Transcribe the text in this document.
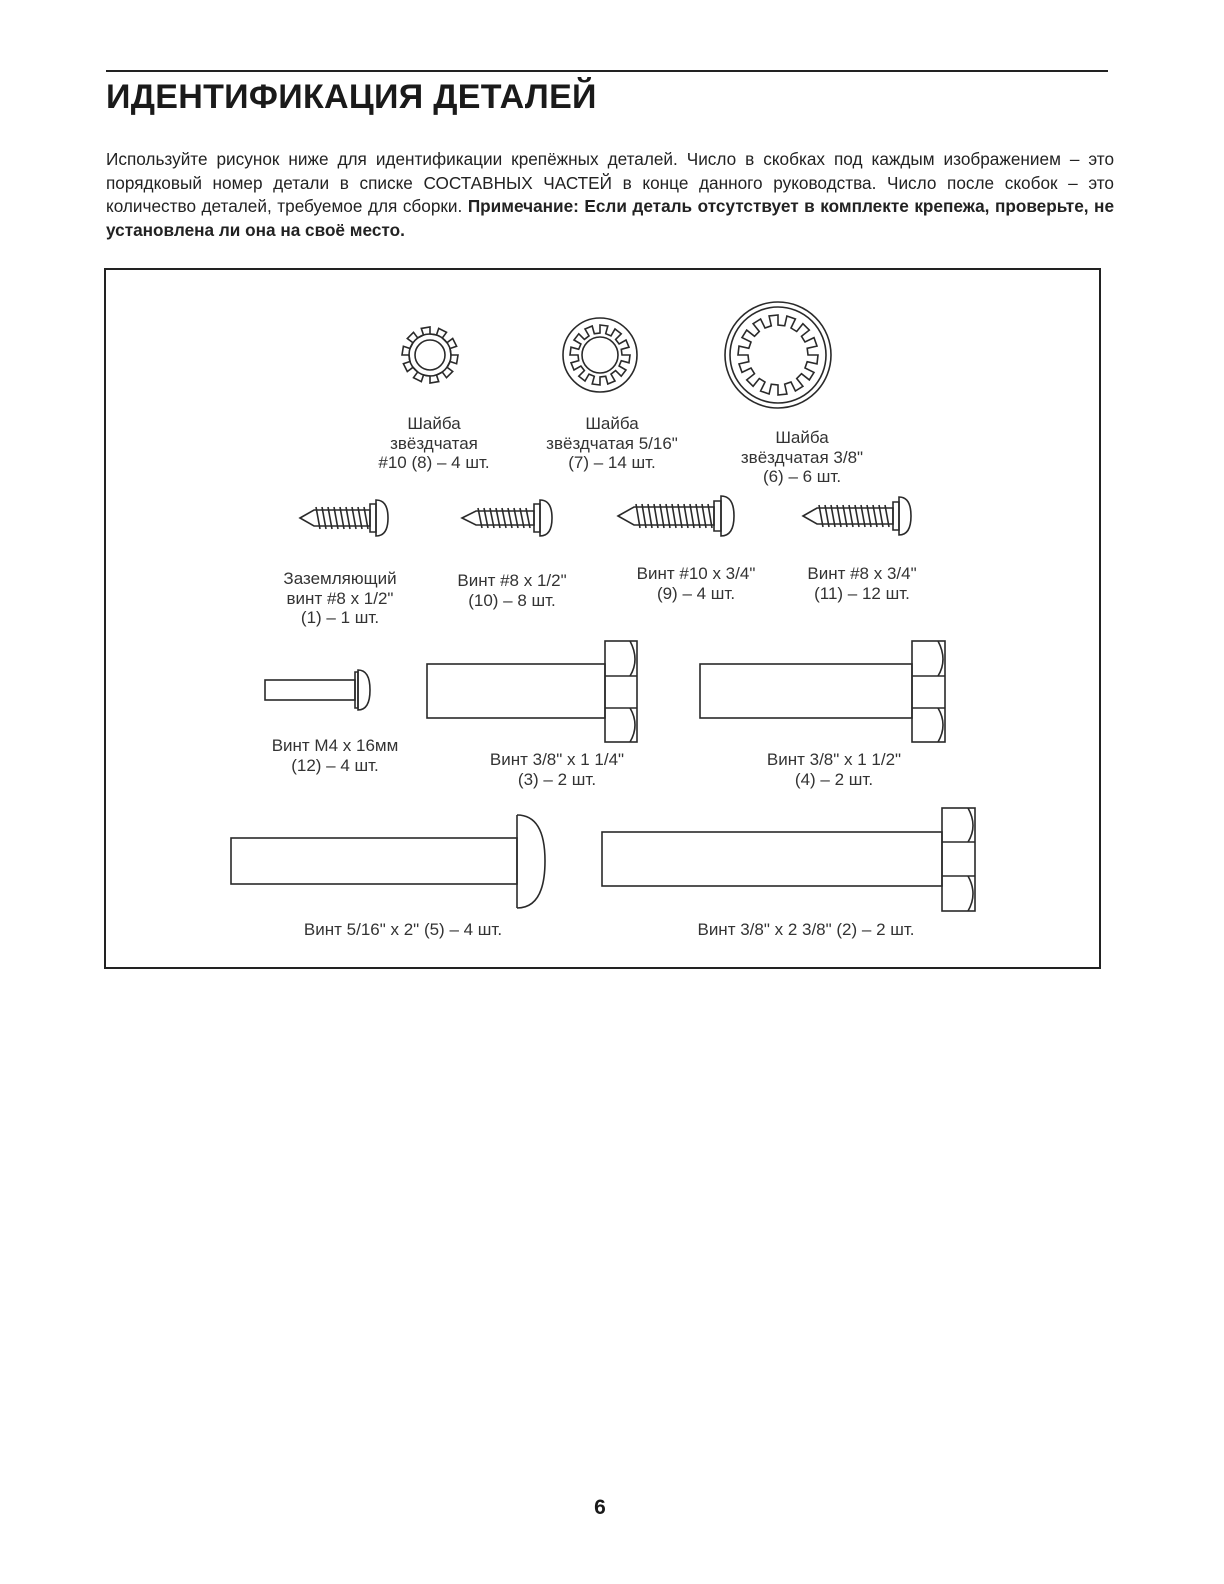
ИДЕНТИФИКАЦИЯ ДЕТАЛЕЙ

Используйте рисунок ниже для идентификации крепёжных деталей. Число в скобках под каждым изображением – это порядковый номер детали в списке СОСТАВНЫХ ЧАСТЕЙ в конце данного руководства. Число после скобок – это количество деталей, требуемое для сборки. Примечание: Если деталь отсутствует в комплекте крепежа, проверьте, не установлена ли она на своё место.

Шайба
звёздчатая
#10 (8) – 4 шт.
Шайба
звёздчатая 5/16"
(7) – 14 шт.
Шайба
звёздчатая 3/8"
(6) – 6 шт.
Заземляющий
винт #8 x 1/2"
(1) – 1 шт.
Винт #8 x 1/2"
(10) – 8 шт.
Винт #10 x 3/4"
(9) – 4 шт.
Винт #8 x 3/4"
(11) – 12 шт.
Винт M4 x 16мм
(12) – 4 шт.	Винт 3/8" x 1 1/4"
(3) – 2 шт.
Винт 3/8" x 1 1/2"
(4) – 2 шт.
Винт 5/16" x 2" (5) – 4 шт.	Винт 3/8" x 2 3/8" (2) – 2 шт.
6
